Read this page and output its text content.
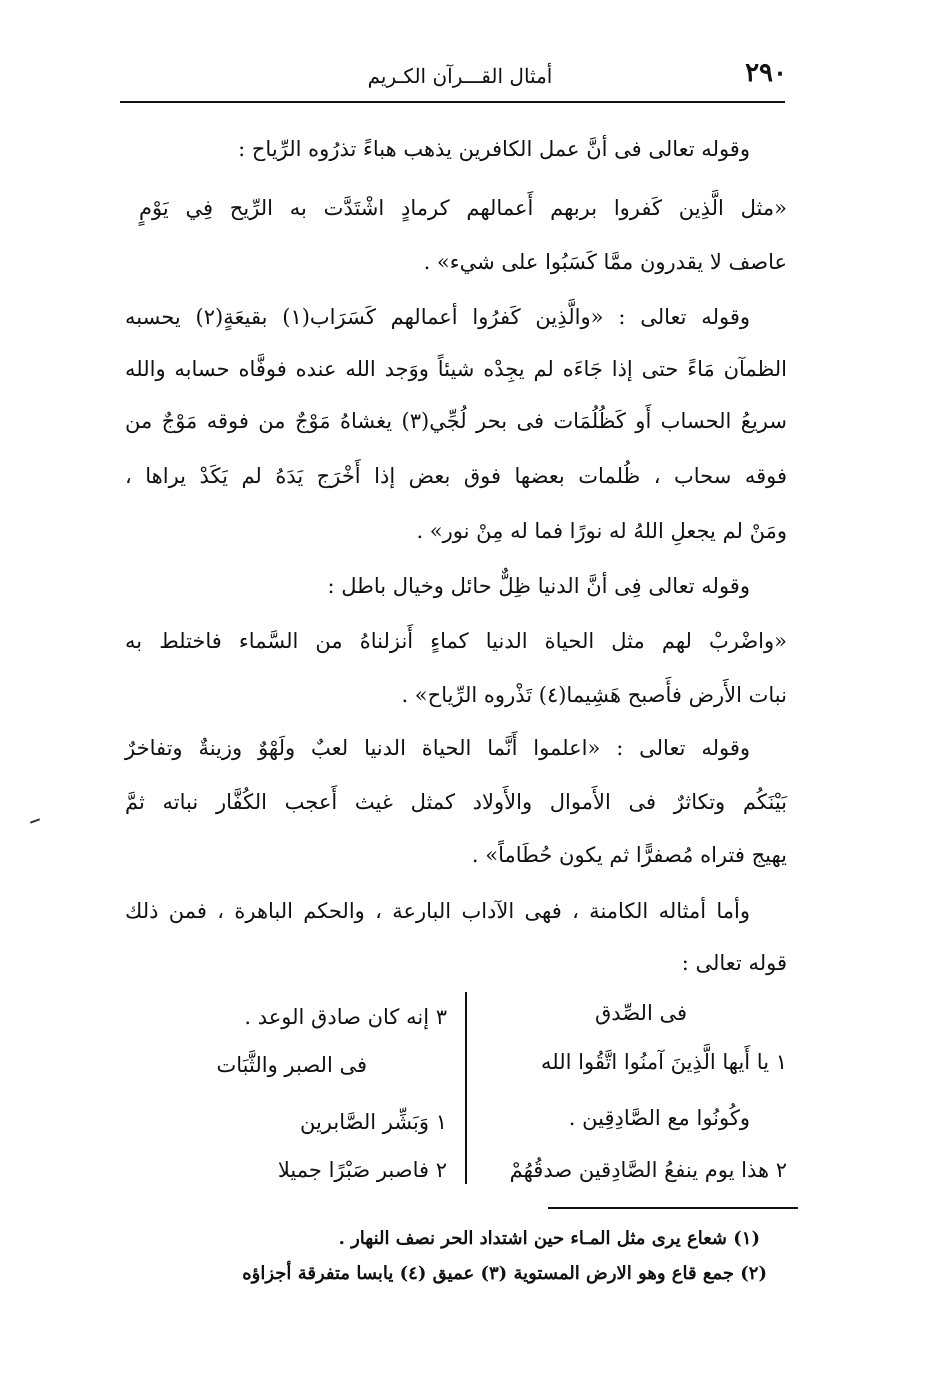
٢٩٠
أمثال القـــرآن الكـريم
وقوله تعالى فى أنَّ عمل الكافرين يذهب هباءً تذرُوه الرِّياح :
«مثل الَّذِين كَفروا بربهم أَعمالهم كرمادٍ اشْتَدَّت به الرِّيح فِي يَوْمٍ
عاصف لا يقدرون ممَّا كَسَبُوا على شيء» .
وقوله تعالى : «والَّذِين كَفرُوا أعمالهم كَسَرَاب(١) بقيعَةٍ(٢) يحسبه
الظمآن مَاءً حتى إذا جَاءَه لم يجِدْه شيئاً ووَجد الله عنده فوفَّاه حسابه والله
سريعُ الحساب أَو كَظُلُمَات فى بحر لُجِّي(٣) يغشاهُ مَوْجٌ من فوقه مَوْجٌ من
فوقه سحاب ، ظُلمات بعضها فوق بعض إذا أَخْرَج يَدَهُ لم يَكَدْ يراها ،
ومَنْ لم يجعلِ اللهُ له نورًا فما له مِنْ نور» .
وقوله تعالى فِى أنَّ الدنيا ظِلٌّ حائل وخيال باطل :
«واضْربْ لهم مثل الحياة الدنيا كماءٍ أَنزلناهُ من السَّماء فاختلط به
نبات الأَرض فأَصبح هَشِيما(٤) تَذْروه الرِّياح» .
وقوله تعالى : «اعلموا أَنَّما الحياة الدنيا لعبٌ ولَهْوٌ وزينةٌ وتفاخرٌ
بَيْنَكُم وتكاثرٌ فى الأَموال والأَولاد كمثل غيث أَعجب الكُفَّار نباته ثمَّ
يهيج فتراه مُصفرًّا ثم يكون حُطَاماً» .
وأما أمثاله الكامنة ، فهى الآداب البارعة ، والحكم الباهرة ، فمن ذلك
قوله تعالى :
فى الصِّدق
١ يا أَيها الَّذِينَ آمنُوا اتَّقُوا الله
وكُونُوا مع الصَّادِقِين .
٢ هذا يوم ينفعُ الصَّادِقين صدقُهُمْ
٣ إنه كان صادق الوعد .
فى الصبر والثَّبَات
١ وَبَشِّر الصَّابرين
٢ فاصبر صَبْرًا جميلا
(١) شعاع يرى مثل المـاء حين اشتداد الحر نصف النهار .
(٢) جمع قاع وهو الارض المستوية (٣) عميق (٤) يابسا متفرقة أجزاؤه
